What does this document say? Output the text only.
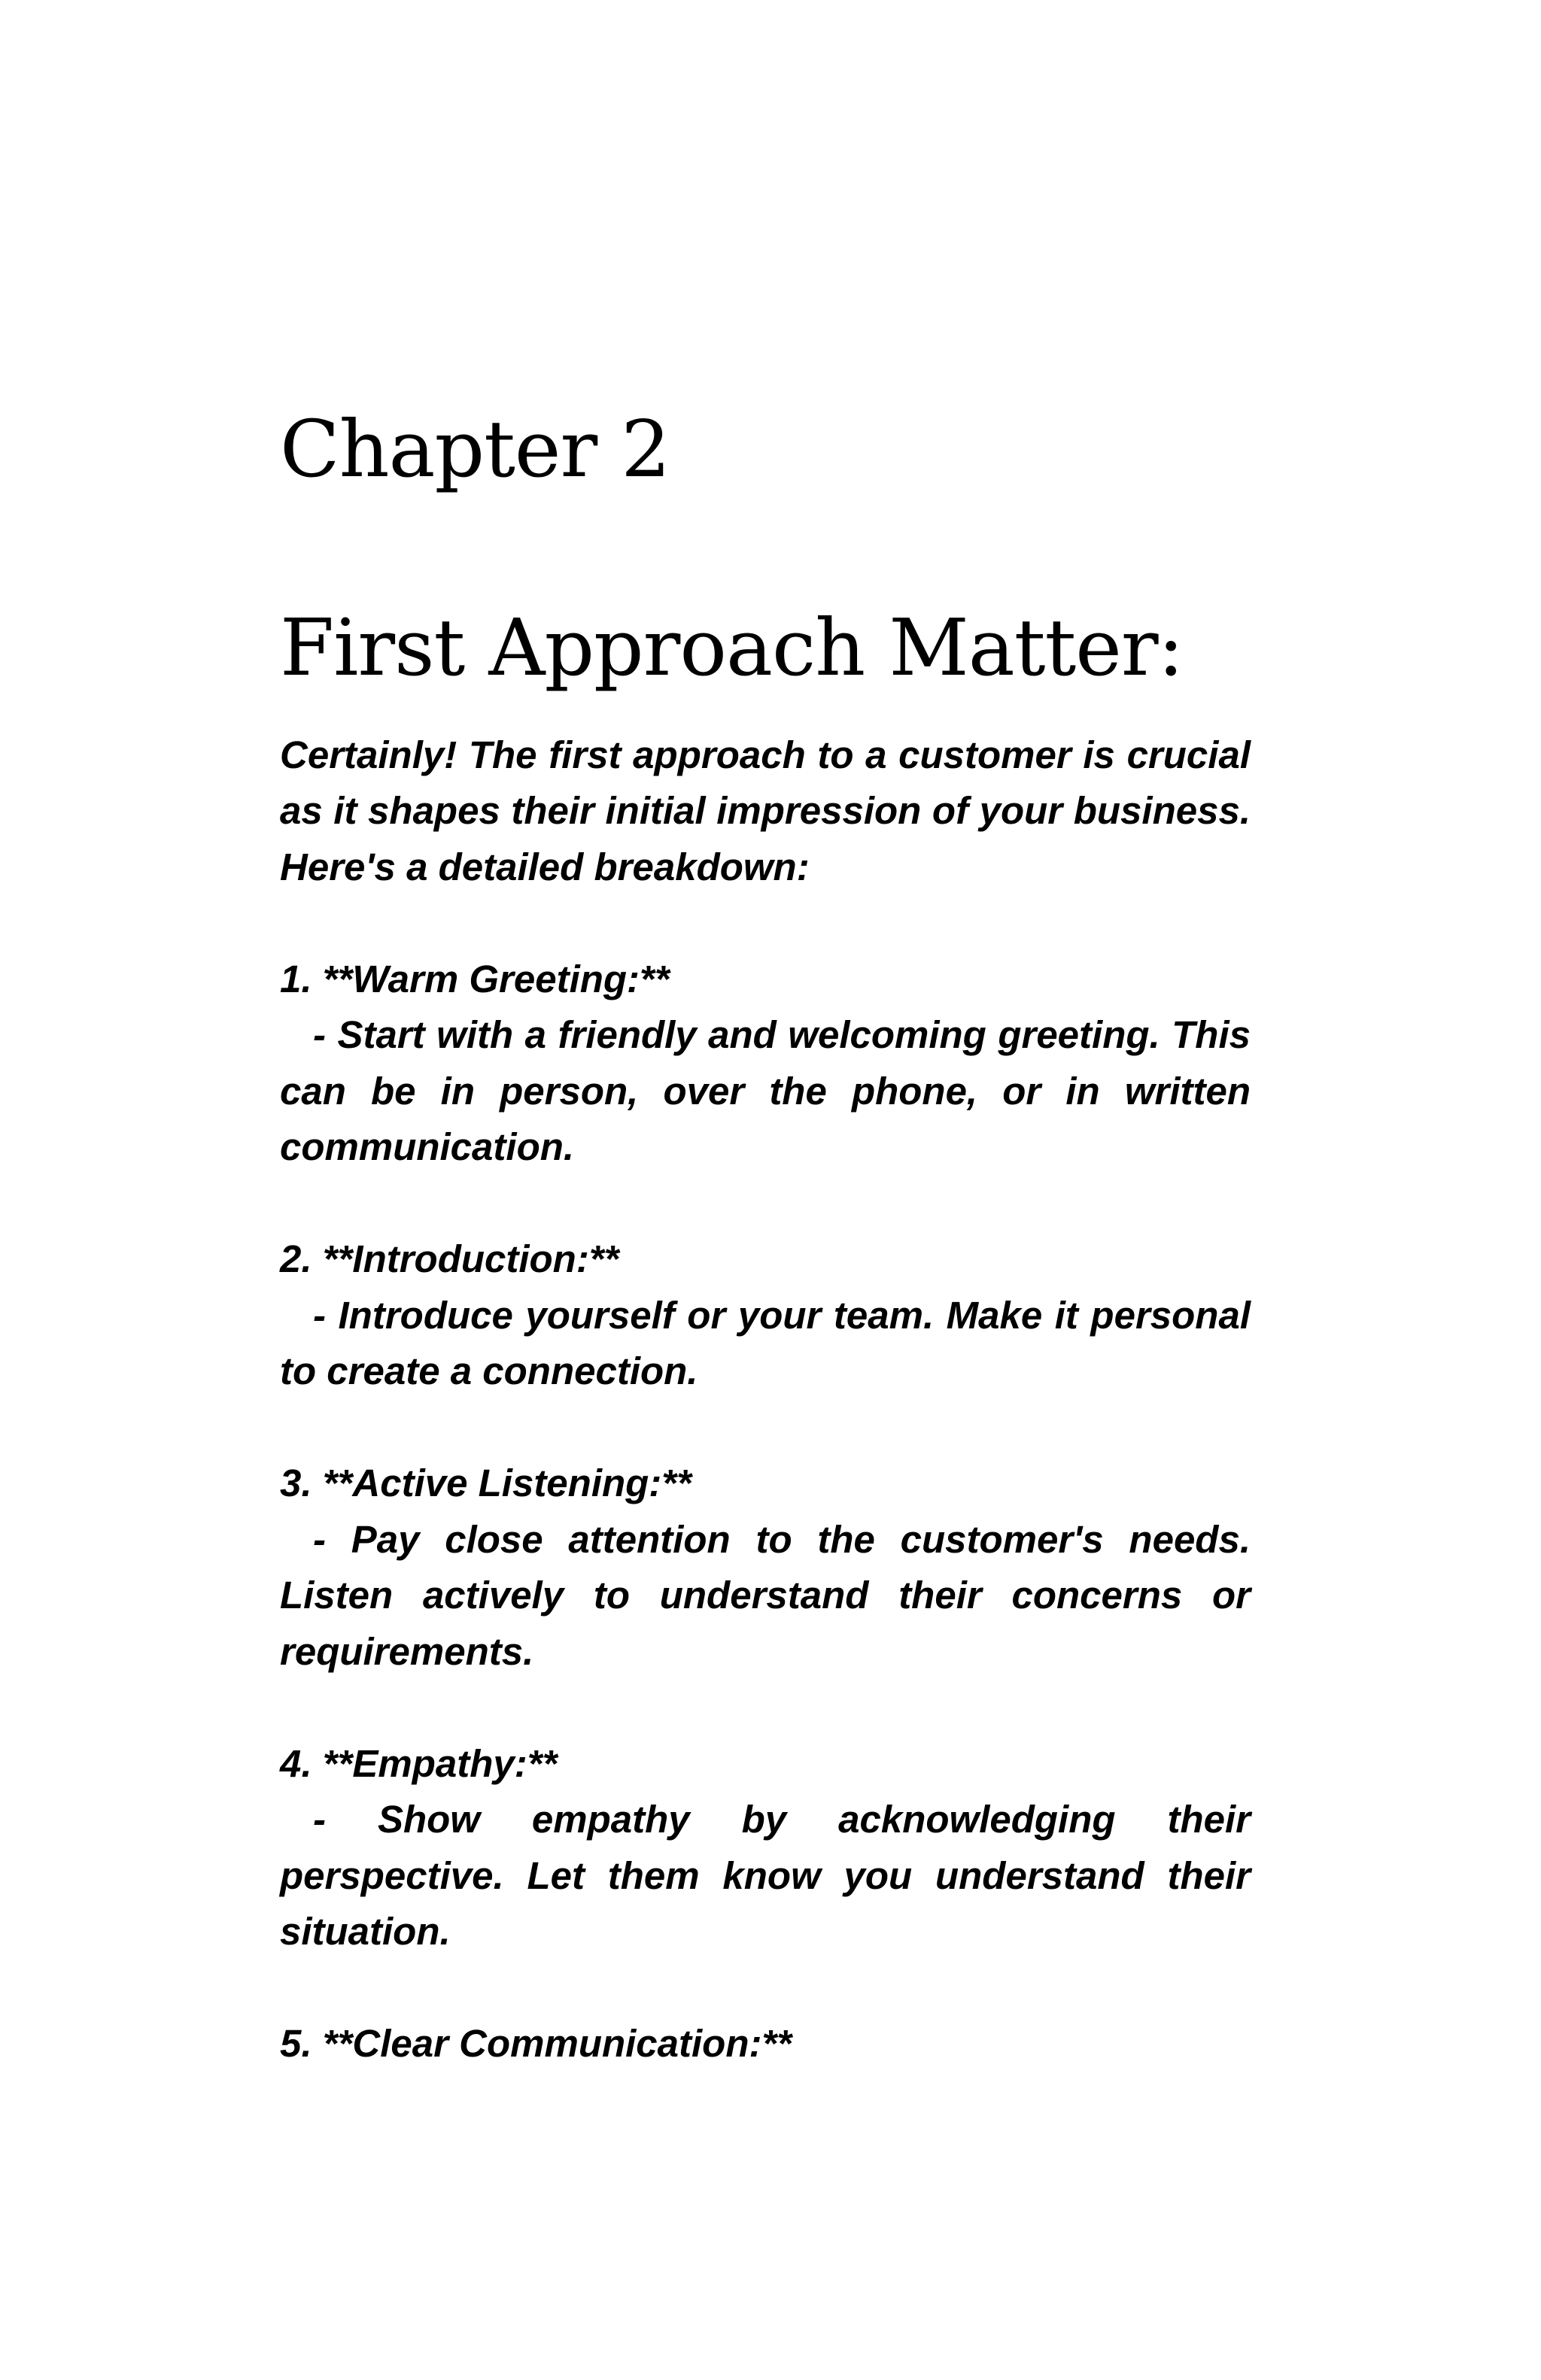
Chapter 2
First Approach Matter:

Certainly! The first approach to a customer is crucial as it shapes their initial impression of your business. Here's a detailed breakdown:

1. **Warm Greeting:**

- Start with a friendly and welcoming greeting. This can be in person, over the phone, or in written communication.

2. **Introduction:**

- Introduce yourself or your team. Make it personal to create a connection.

3. **Active Listening:**

- Pay close attention to the customer's needs. Listen actively to understand their concerns or requirements.

4. **Empathy:**

- Show empathy by acknowledging their perspective. Let them know you understand their situation.

5. **Clear Communication:**
